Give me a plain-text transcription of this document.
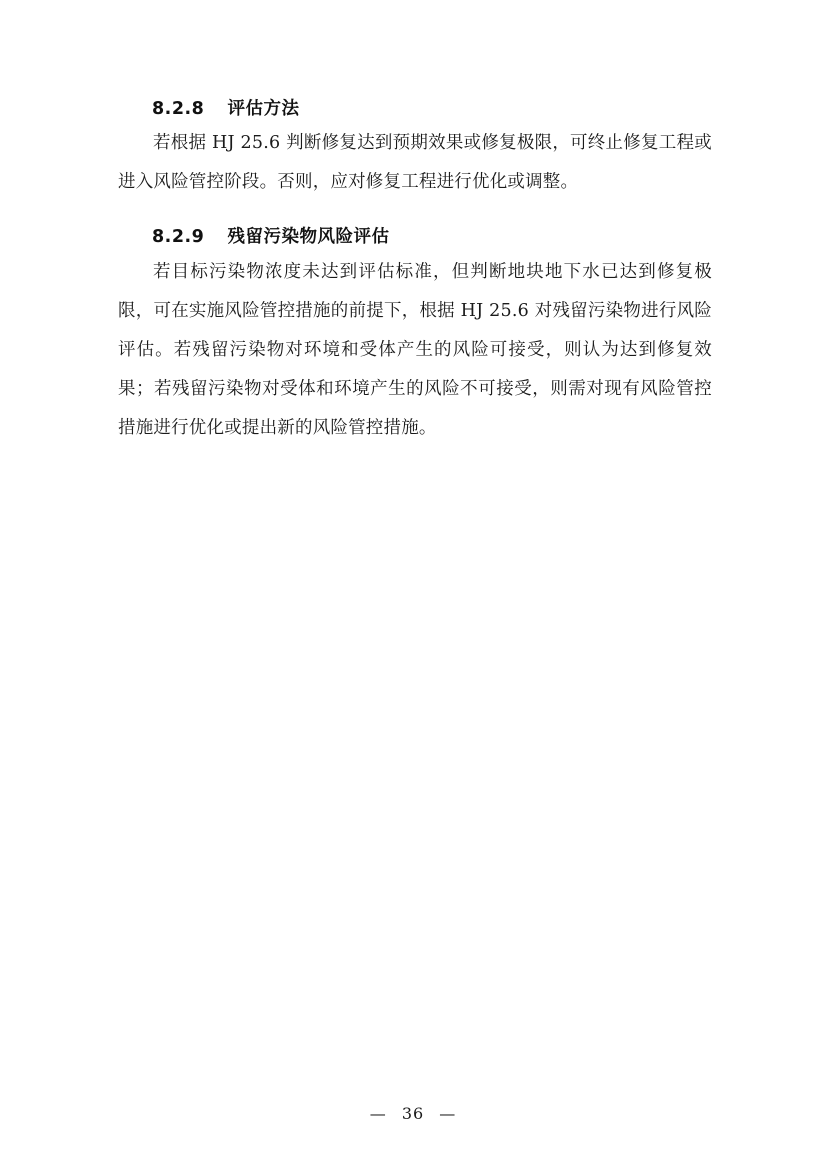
8.2.8 评估方法

若根据 HJ 25.6 判断修复达到预期效果或修复极限，可终止修复工程或进入风险管控阶段。否则，应对修复工程进行优化或调整。

8.2.9 残留污染物风险评估

若目标污染物浓度未达到评估标准，但判断地块地下水已达到修复极限，可在实施风险管控措施的前提下，根据 HJ 25.6 对残留污染物进行风险评估。若残留污染物对环境和受体产生的风险可接受，则认为达到修复效果；若残留污染物对受体和环境产生的风险不可接受，则需对现有风险管控措施进行优化或提出新的风险管控措施。

— 36 —
